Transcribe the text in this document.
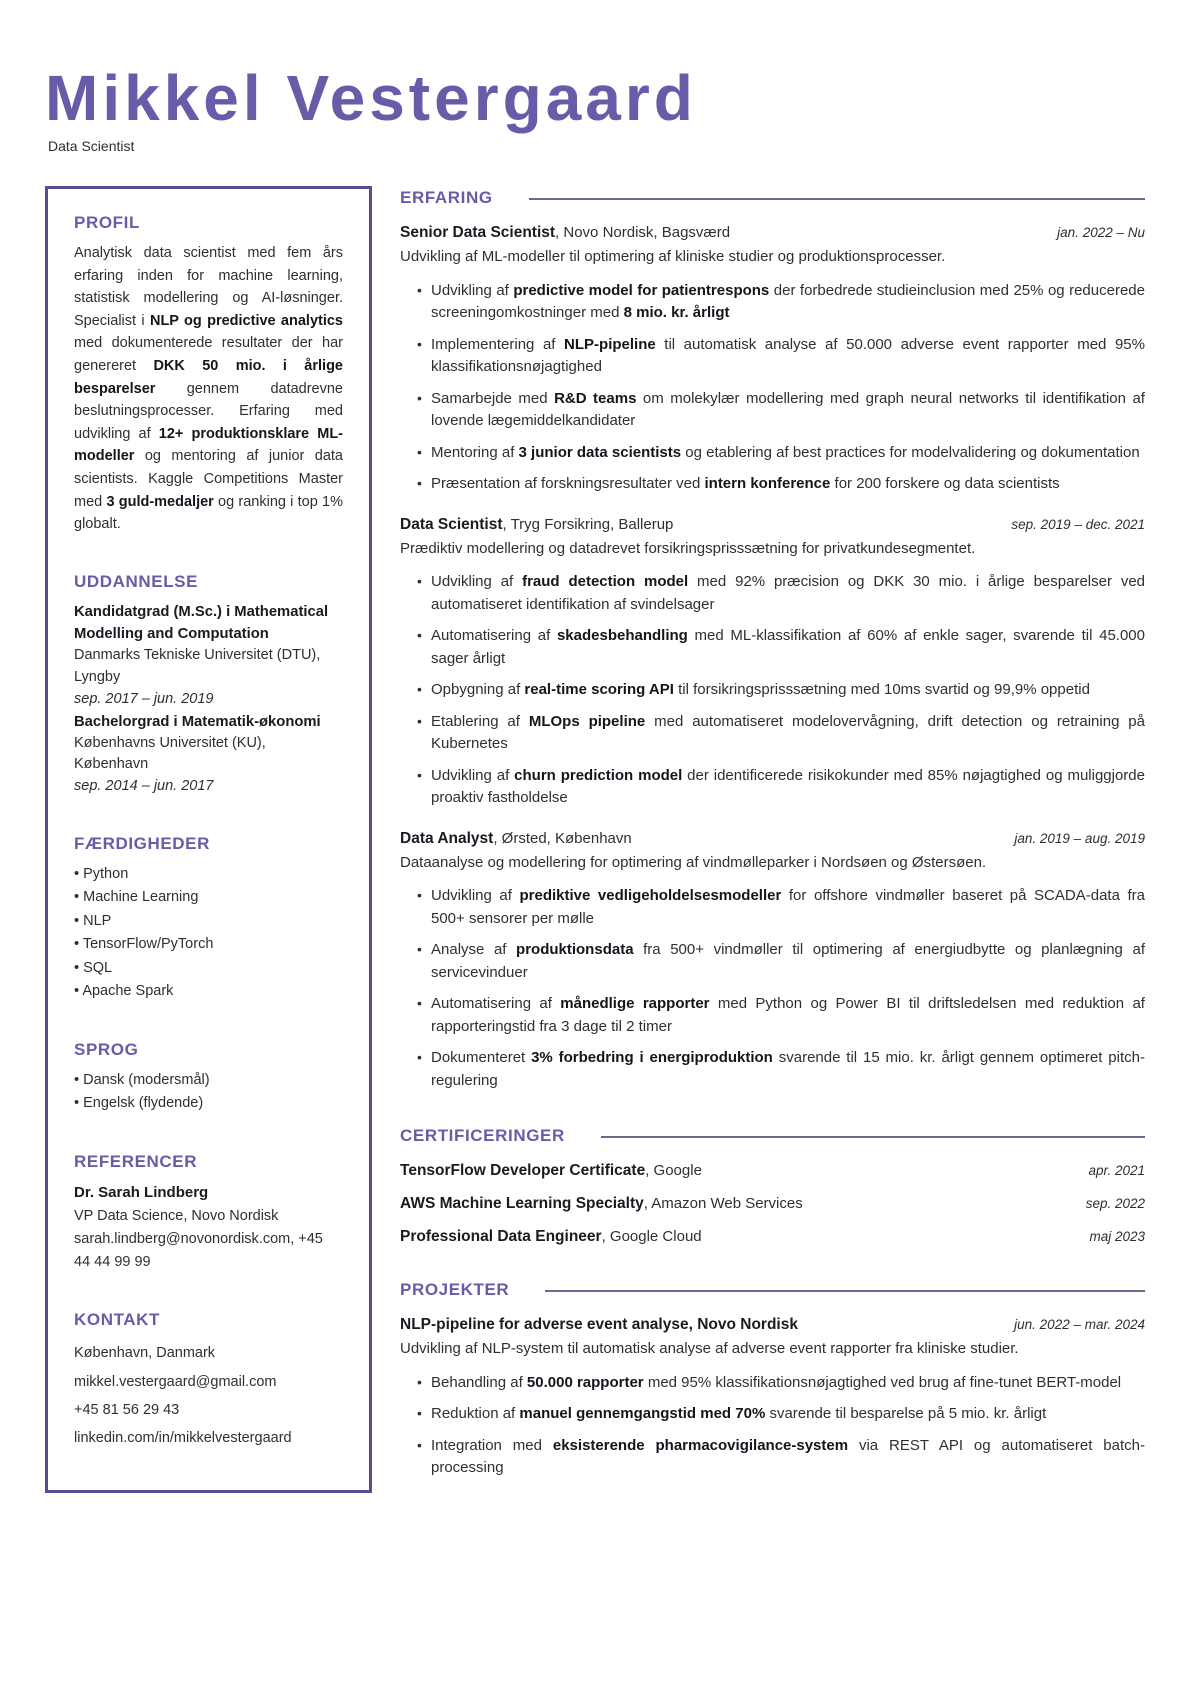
Mikkel Vestergaard
Data Scientist
PROFIL

Analytisk data scientist med fem års erfaring inden for machine learning, statistisk modellering og AI-løsninger. Specialist i NLP og predictive analytics med dokumenterede resultater der har genereret DKK 50 mio. i årlige besparelser gennem datadrevne beslutningsprocesser. Erfaring med udvikling af 12+ produktionsklare ML-modeller og mentoring af junior data scientists. Kaggle Competitions Master med 3 guld-medaljer og ranking i top 1% globalt.

UDDANNELSE
Kandidatgrad (M.Sc.) i Mathematical Modelling and Computation
Danmarks Tekniske Universitet (DTU), Lyngby
sep. 2017 – jun. 2019
Bachelorgrad i Matematik-økonomi
Københavns Universitet (KU), København
sep. 2014 – jun. 2017
FÆRDIGHEDER
• Python
• Machine Learning
• NLP
• TensorFlow/PyTorch
• SQL
• Apache Spark
SPROG
• Dansk (modersmål)
• Engelsk (flydende)
REFERENCER
Dr. Sarah Lindberg
VP Data Science, Novo Nordisk
sarah.lindberg@novonordisk.com, +45 44 44 99 99
KONTAKT
København, Danmark
mikkel.vestergaard@gmail.com
+45 81 56 29 43
linkedin.com/in/mikkelvestergaard
ERFARING
Senior Data Scientist, Novo Nordisk, Bagsværd	jan. 2022 – Nu
Udvikling af ML-modeller til optimering af kliniske studier og produktionsprocesser.
• Udvikling af predictive model for patientrespons der forbedrede studieinclusion med 25% og reducerede screeningomkostninger med 8 mio. kr. årligt
• Implementering af NLP-pipeline til automatisk analyse af 50.000 adverse event rapporter med 95% klassifikationsnøjagtighed
• Samarbejde med R&D teams om molekylær modellering med graph neural networks til identifikation af lovende lægemiddelkandidater
• Mentoring af 3 junior data scientists og etablering af best practices for modelvalidering og dokumentation
• Præsentation af forskningsresultater ved intern konference for 200 forskere og data scientists
Data Scientist, Tryg Forsikring, Ballerup	sep. 2019 – dec. 2021
Prædiktiv modellering og datadrevet forsikringsprisssætning for privatkundesegmentet.
• Udvikling af fraud detection model med 92% præcision og DKK 30 mio. i årlige besparelser ved automatiseret identifikation af svindelsager
• Automatisering af skadesbehandling med ML-klassifikation af 60% af enkle sager, svarende til 45.000 sager årligt
• Opbygning af real-time scoring API til forsikringsprisssætning med 10ms svartid og 99,9% oppetid
• Etablering af MLOps pipeline med automatiseret modelovervågning, drift detection og retraining på Kubernetes
• Udvikling af churn prediction model der identificerede risikokunder med 85% nøjagtighed og muliggjorde proaktiv fastholdelse
Data Analyst, Ørsted, København	jan. 2019 – aug. 2019
Dataanalyse og modellering for optimering af vindmølleparker i Nordsøen og Østersøen.
• Udvikling af prediktive vedligeholdelsesmodeller for offshore vindmøller baseret på SCADA-data fra 500+ sensorer per mølle
• Analyse af produktionsdata fra 500+ vindmøller til optimering af energiudbytte og planlægning af servicevinduer
• Automatisering af månedlige rapporter med Python og Power BI til driftsledelsen med reduktion af rapporteringstid fra 3 dage til 2 timer
• Dokumenteret 3% forbedring i energiproduktion svarende til 15 mio. kr. årligt gennem optimeret pitch-regulering
CERTIFICERINGER
TensorFlow Developer Certificate, Google	apr. 2021
AWS Machine Learning Specialty, Amazon Web Services	sep. 2022
Professional Data Engineer, Google Cloud	maj 2023
PROJEKTER
NLP-pipeline for adverse event analyse, Novo Nordisk	jun. 2022 – mar. 2024
Udvikling af NLP-system til automatisk analyse af adverse event rapporter fra kliniske studier.
• Behandling af 50.000 rapporter med 95% klassifikationsnøjagtighed ved brug af fine-tunet BERT-model
• Reduktion af manuel gennemgangstid med 70% svarende til besparelse på 5 mio. kr. årligt
• Integration med eksisterende pharmacovigilance-system via REST API og automatiseret batch-processing
